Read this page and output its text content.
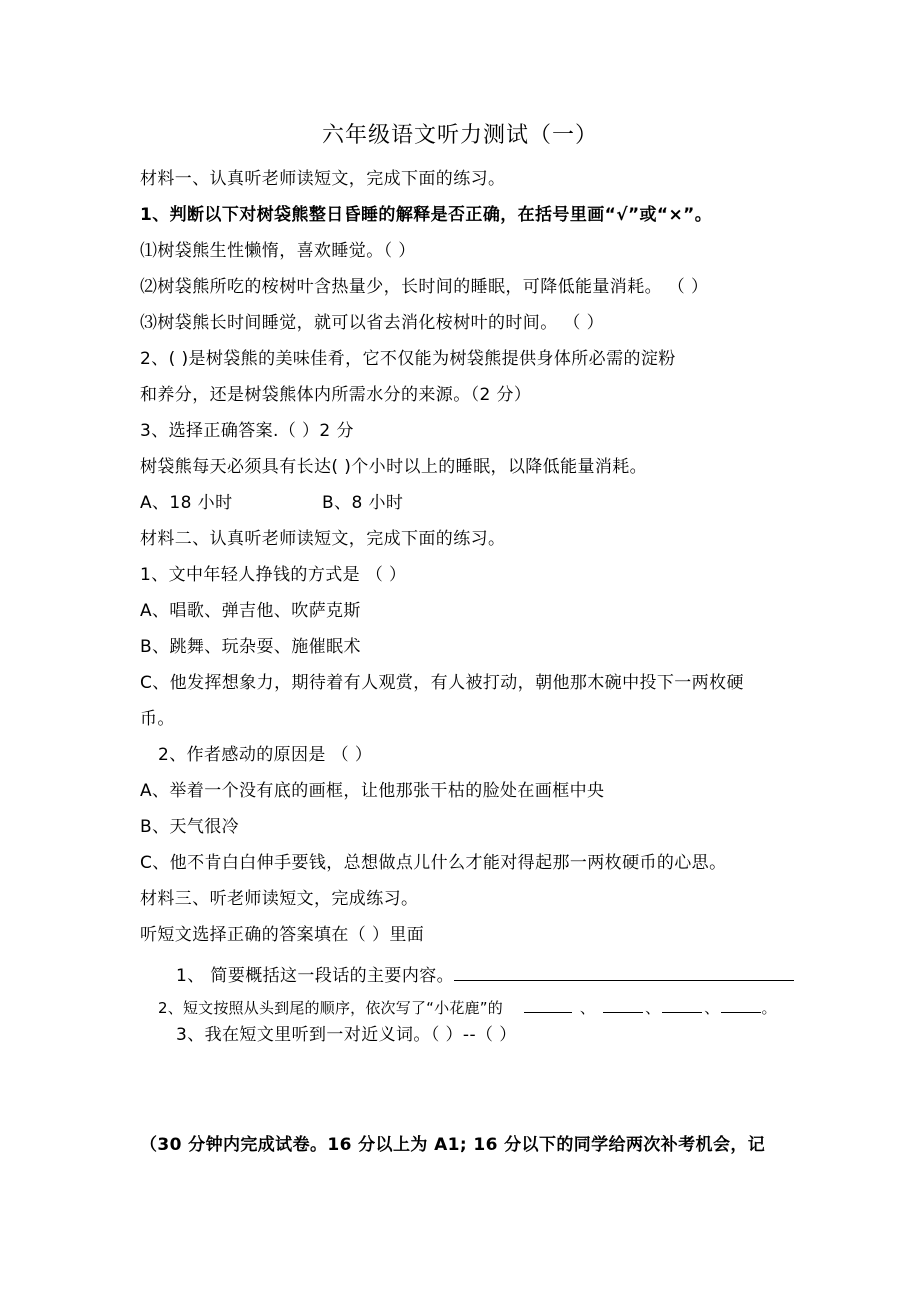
六年级语文听力测试（一）
材料一、认真听老师读短文，完成下面的练习。
1、判断以下对树袋熊整日昏睡的解释是否正确，在括号里画“√”或“×”。
⑴树袋熊生性懒惰，喜欢睡觉。（ ）
⑵树袋熊所吃的桉树叶含热量少，长时间的睡眠，可降低能量消耗。 （ ）
⑶树袋熊长时间睡觉，就可以省去消化桉树叶的时间。 （ ）
2、( )是树袋熊的美味佳肴，它不仅能为树袋熊提供身体所必需的淀粉
和养分，还是树袋熊体内所需水分的来源。（2 分）
3、选择正确答案.（ ）2 分
树袋熊每天必须具有长达( )个小时以上的睡眠，以降低能量消耗。
A、18 小时	B、8 小时
材料二、认真听老师读短文，完成下面的练习。
1、文中年轻人挣钱的方式是 （ ）
A、唱歌、弹吉他、吹萨克斯
B、跳舞、玩杂耍、施催眠术
C、他发挥想象力，期待着有人观赏，有人被打动，朝他那木碗中投下一两枚硬
币。
2、作者感动的原因是 （ ）
A、举着一个没有底的画框，让他那张干枯的脸处在画框中央
B、天气很冷
C、他不肯白白伸手要钱，总想做点儿什么才能对得起那一两枚硬币的心思。
材料三、听老师读短文，完成练习。
听短文选择正确的答案填在（ ）里面
1、 简要概括这一段话的主要内容。
2、短文按照从头到尾的顺序，依次写了“小花鹿”的	、	、	、	。
3、我在短文里听到一对近义词。（ ）--（ ）
（30 分钟内完成试卷。16 分以上为 A1; 16 分以下的同学给两次补考机会，记
